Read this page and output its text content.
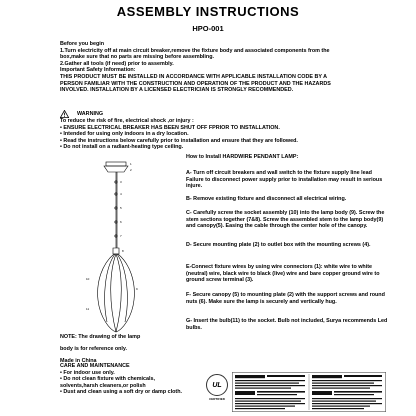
ASSEMBLY INSTRUCTIONS
HPO-001
Before you begin
1.Turn electricity off at main circuit breaker,remove the fixture body and associated components from the
box,make sure that no parts are missing before assembling.
2.Gather all tools (if need) prior to assembly.
Important Safety Information:
THIS PRODUCT MUST BE INSTALLED IN ACCORDANCE WITH APPLICABLE INSTALLATION CODE BY A
PERSON FAMILIAR WITH THE CONSTRUCTION AND OPERATION OF THE PRODUCT AND THE HAZARDS
INVOLVED. INSTALLATION BY A LICENSED ELECTRICIAN IS STRONGLY RECOMMENDED.
WARNING
To reduce the risk of fire, electrical shock ,or injury :
• ENSURE ELECTRICAL BREAKER HAS BEEN SHUT OFF FPRIOR TO INSTALLATION.
• Intended for using only indoors in a dry location.
• Read the instructions below carefully prior to installation and ensure that they are followed.
• Do not install on a radiant-heating type ceiling.
1
2
3
4
5
6
7
8
9
10
11
How to Install HARDWIRE PENDANT LAMP:
A- Turn off circuit breakers and wall switch to the fixture supply line lead Failure to disconnect power supply prior to installation may result in serious injure.
B- Remove existing fixture and disconnect all electrical wiring.
C- Carefully screw the socket assembly (10) into the lamp body (9). Screw the stem sections together (7&8). Screw the assembled stem to the lamp body(9) and canopy(5). Easing the cable through the center hole of the canopy.
D- Secure mounting plate (2) to outlet box with the mounting screws (4).
E-Connect fixture wires by using wire connectors (1): white wire to white (neutral) wire, black wire to black (live) wire and bare copper ground wire to ground screw terminal (3).
F- Secure canopy (5) to mounting plate (2) with the support screws and round nuts (6). Make sure the lamp is securely and vertically hug.
G- Insert the bulb(11) to the socket. Bulb not included, Surya recommends Led bulbs.
NOTE: The drawing of the lamp
body is for reference only.
Made in China
CARE AND MAINTENANCE
• For indoor use only.
• Do not clean fixture with chemicals,
solvents,harsh cleaners,or polish
• Dust and clean using a soft dry or damp cloth.
UL
CERTIFIED
